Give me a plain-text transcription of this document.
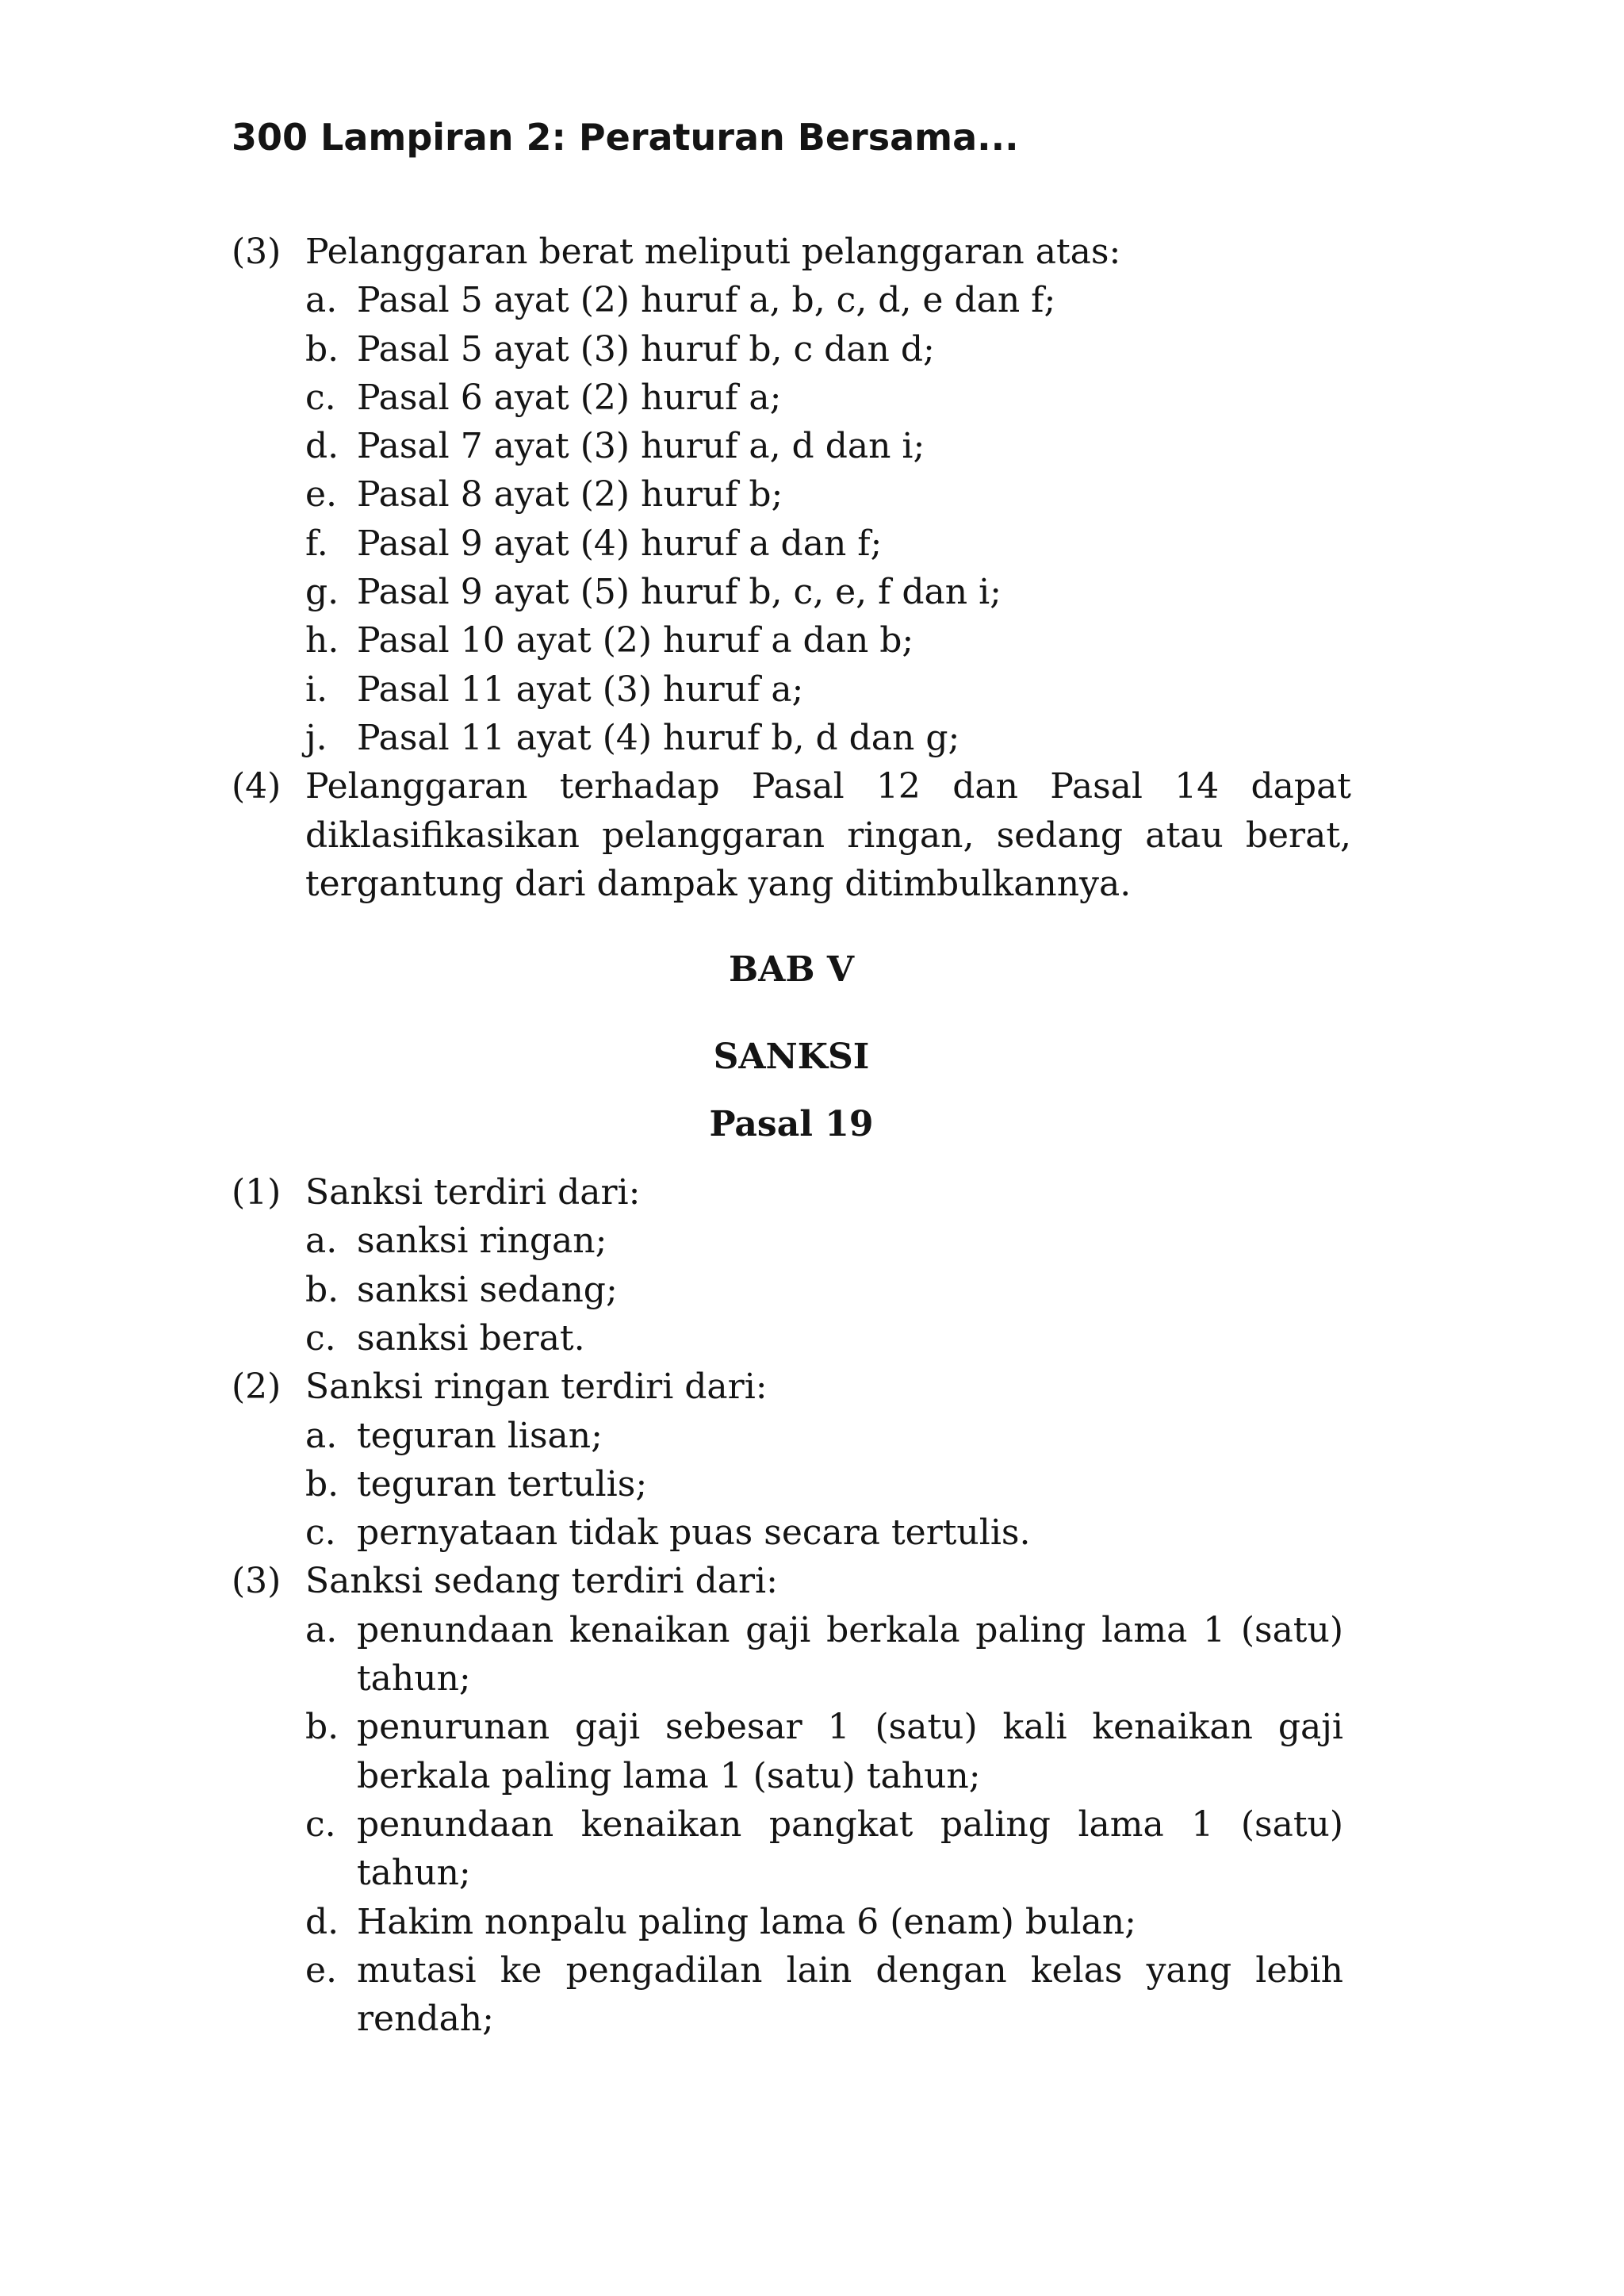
300 Lampiran 2: Peraturan Bersama...
(3) Pelanggaran berat meliputi pelanggaran atas:
a. Pasal 5 ayat (2) huruf a, b, c, d, e dan f;
b. Pasal 5 ayat (3) huruf b, c dan d;
c. Pasal 6 ayat (2) huruf a;
d. Pasal 7 ayat (3) huruf a, d dan i;
e. Pasal 8 ayat (2) huruf b;
f. Pasal 9 ayat (4) huruf a dan f;
g. Pasal 9 ayat (5) huruf b, c, e, f dan i;
h. Pasal 10 ayat (2) huruf a dan b;
i. Pasal 11 ayat (3) huruf a;
j. Pasal 11 ayat (4) huruf b, d dan g;
(4) Pelanggaran terhadap Pasal 12 dan Pasal 14 dapat diklasifikasikan pelanggaran ringan, sedang atau berat, tergantung dari dampak yang ditimbulkannya.
BAB V
SANKSI
Pasal 19
(1) Sanksi terdiri dari:
a. sanksi ringan;
b. sanksi sedang;
c. sanksi berat.
(2) Sanksi ringan terdiri dari:
a. teguran lisan;
b. teguran tertulis;
c. pernyataan tidak puas secara tertulis.
(3) Sanksi sedang terdiri dari:
a. penundaan kenaikan gaji berkala paling lama 1 (satu) tahun;
b. penurunan gaji sebesar 1 (satu) kali kenaikan gaji berkala paling lama 1 (satu) tahun;
c. penundaan kenaikan pangkat paling lama 1 (satu) tahun;
d. Hakim nonpalu paling lama 6 (enam) bulan;
e. mutasi ke pengadilan lain dengan kelas yang lebih rendah;
